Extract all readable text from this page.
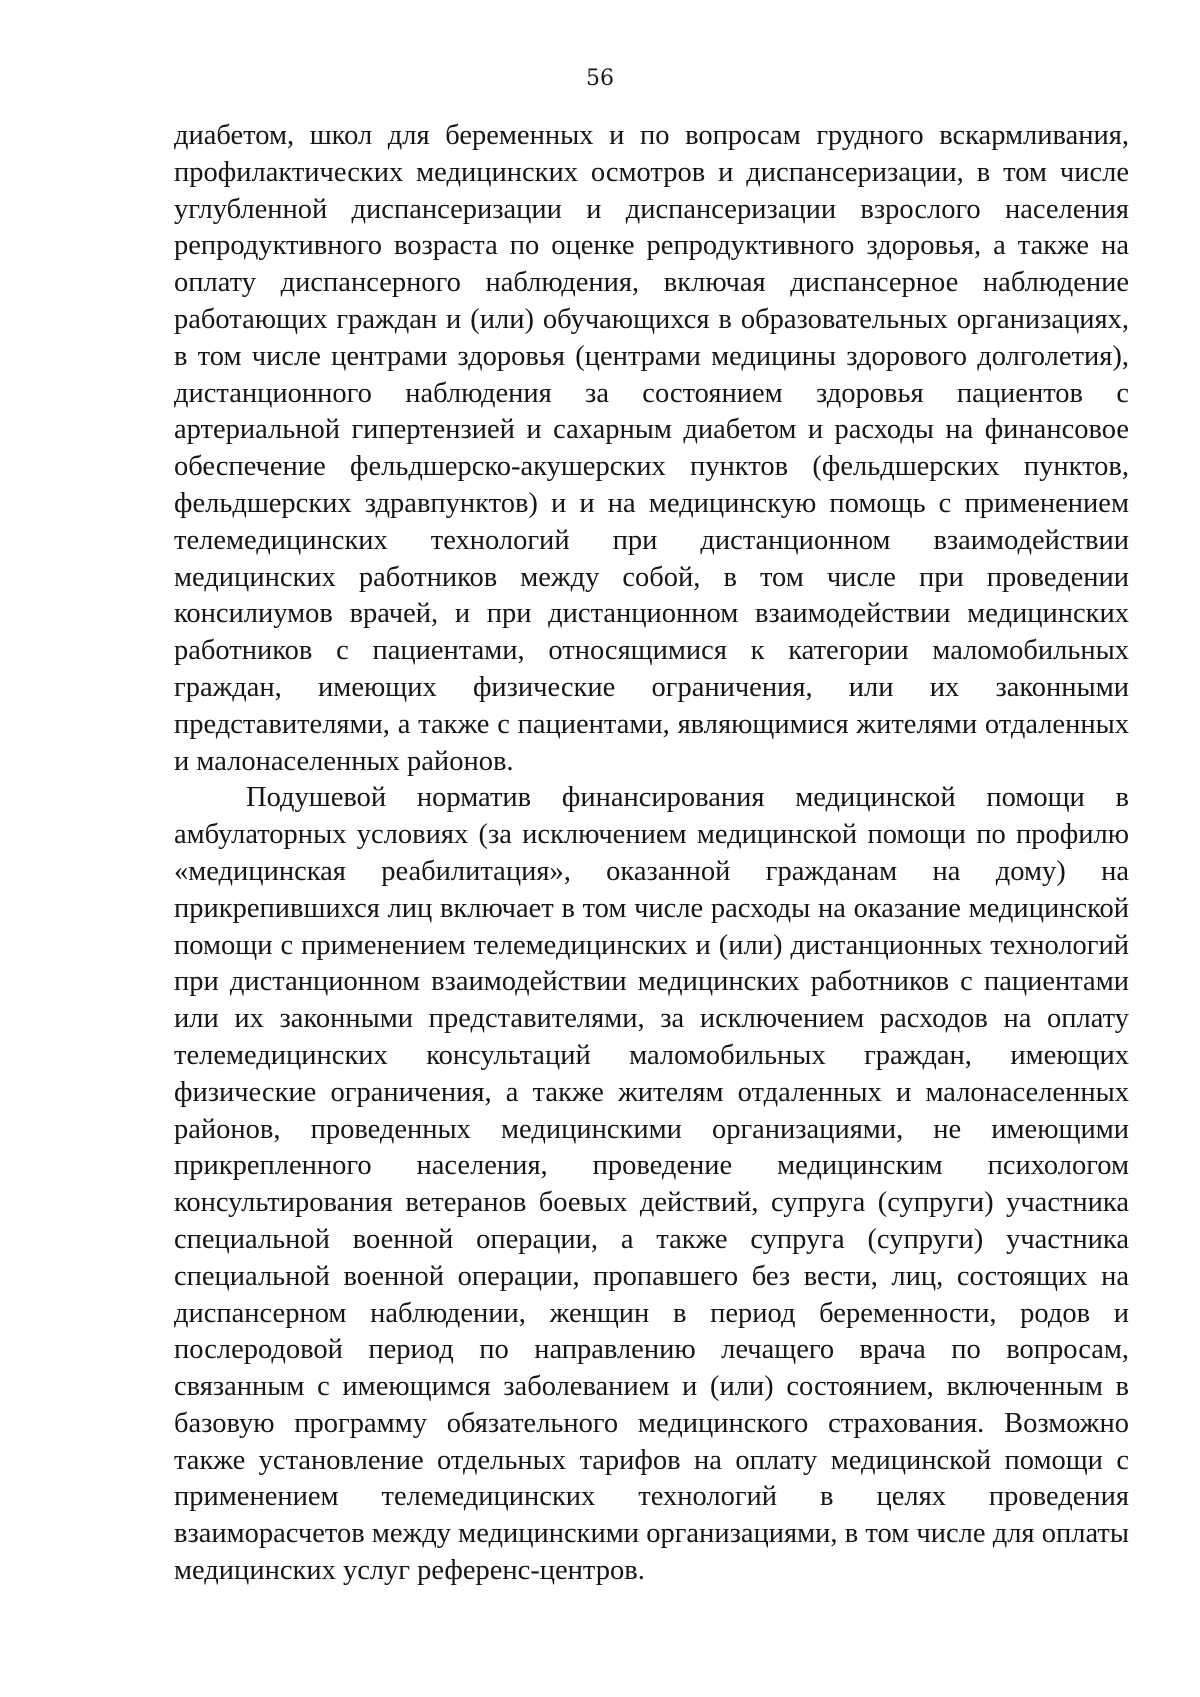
56

диабетом, школ для беременных и по вопросам грудного вскармливания, профилактических медицинских осмотров и диспансеризации, в том числе углубленной диспансеризации и диспансеризации взрослого населения репродуктивного возраста по оценке репродуктивного здоровья, а также на оплату диспансерного наблюдения, включая диспансерное наблюдение работающих граждан и (или) обучающихся в образовательных организациях, в том числе центрами здоровья (центрами медицины здорового долголетия), дистанционного наблюдения за состоянием здоровья пациентов с артериальной гипертензией и сахарным диабетом и расходы на финансовое обеспечение фельдшерско-акушерских пунктов (фельдшерских пунктов, фельдшерских здравпунктов) и и на медицинскую помощь с применением телемедицинских технологий при дистанционном взаимодействии медицинских работников между собой, в том числе при проведении консилиумов врачей, и при дистанционном взаимодействии медицинских работников с пациентами, относящимися к категории маломобильных граждан, имеющих физические ограничения, или их законными представителями, а также с пациентами, являющимися жителями отдаленных и малонаселенных районов.

Подушевой норматив финансирования медицинской помощи в амбулаторных условиях (за исключением медицинской помощи по профилю «медицинская реабилитация», оказанной гражданам на дому) на прикрепившихся лиц включает в том числе расходы на оказание медицинской помощи с применением телемедицинских и (или) дистанционных технологий при дистанционном взаимодействии медицинских работников с пациентами или их законными представителями, за исключением расходов на оплату телемедицинских консультаций маломобильных граждан, имеющих физические ограничения, а также жителям отдаленных и малонаселенных районов, проведенных медицинскими организациями, не имеющими прикрепленного населения, проведение медицинским психологом консультирования ветеранов боевых действий, супруга (супруги) участника специальной военной операции, а также супруга (супруги) участника специальной военной операции, пропавшего без вести, лиц, состоящих на диспансерном наблюдении, женщин в период беременности, родов и послеродовой период по направлению лечащего врача по вопросам, связанным с имеющимся заболеванием и (или) состоянием, включенным в базовую программу обязательного медицинского страхования. Возможно также установление отдельных тарифов на оплату медицинской помощи с применением телемедицинских технологий в целях проведения взаиморасчетов между медицинскими организациями, в том числе для оплаты медицинских услуг референс-центров.
